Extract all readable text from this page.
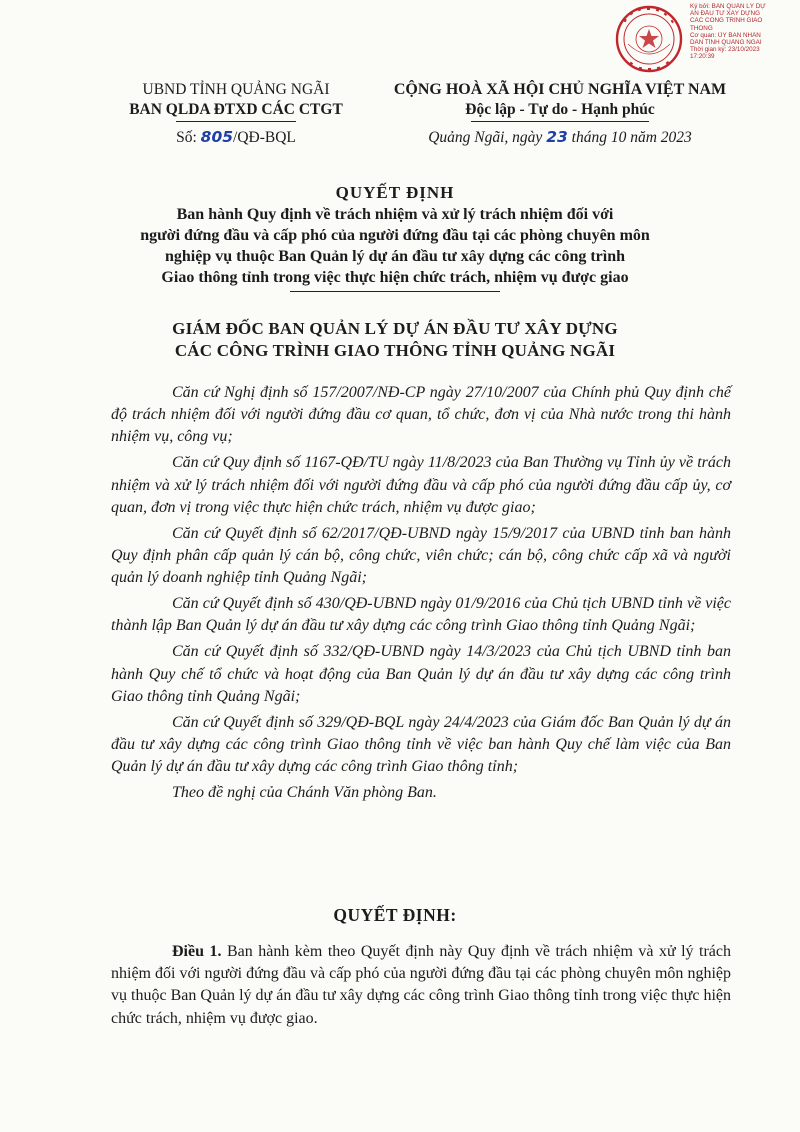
Ký bởi: BAN QUẢN LÝ DỰ
ÁN ĐẦU TƯ XÂY DỰNG
CÁC CÔNG TRÌNH GIAO
THÔNG
Cơ quan: ỦY BAN NHÂN
DÂN TỈNH QUẢNG NGÃI
Thời gian ký: 23/10/2023
17:20:39
UBND TỈNH QUẢNG NGÃI
BAN QLDA ĐTXD CÁC CTGT
Số: 805/QĐ-BQL
CỘNG HOÀ XÃ HỘI CHỦ NGHĨA VIỆT NAM
Độc lập - Tự do - Hạnh phúc
Quảng Ngãi, ngày 23 tháng 10 năm 2023
QUYẾT ĐỊNH
Ban hành Quy định về trách nhiệm và xử lý trách nhiệm đối với
người đứng đầu và cấp phó của người đứng đầu tại các phòng chuyên môn
nghiệp vụ thuộc Ban Quản lý dự án đầu tư xây dựng các công trình
Giao thông tỉnh trong việc thực hiện chức trách, nhiệm vụ được giao
GIÁM ĐỐC BAN QUẢN LÝ DỰ ÁN ĐẦU TƯ XÂY DỰNG
CÁC CÔNG TRÌNH GIAO THÔNG TỈNH QUẢNG NGÃI

Căn cứ Nghị định số 157/2007/NĐ-CP ngày 27/10/2007 của Chính phủ Quy định chế độ trách nhiệm đối với người đứng đầu cơ quan, tổ chức, đơn vị của Nhà nước trong thi hành nhiệm vụ, công vụ;

Căn cứ Quy định số 1167-QĐ/TU ngày 11/8/2023 của Ban Thường vụ Tỉnh ủy về trách nhiệm và xử lý trách nhiệm đối với người đứng đầu và cấp phó của người đứng đầu cấp ủy, cơ quan, đơn vị trong việc thực hiện chức trách, nhiệm vụ được giao;

Căn cứ Quyết định số 62/2017/QĐ-UBND ngày 15/9/2017 của UBND tỉnh ban hành Quy định phân cấp quản lý cán bộ, công chức, viên chức; cán bộ, công chức cấp xã và người quản lý doanh nghiệp tỉnh Quảng Ngãi;

Căn cứ Quyết định số 430/QĐ-UBND ngày 01/9/2016 của Chủ tịch UBND tỉnh về việc thành lập Ban Quản lý dự án đầu tư xây dựng các công trình Giao thông tỉnh Quảng Ngãi;

Căn cứ Quyết định số 332/QĐ-UBND ngày 14/3/2023 của Chủ tịch UBND tỉnh ban hành Quy chế tổ chức và hoạt động của Ban Quản lý dự án đầu tư xây dựng các công trình Giao thông tỉnh Quảng Ngãi;

Căn cứ Quyết định số 329/QĐ-BQL ngày 24/4/2023 của Giám đốc Ban Quản lý dự án đầu tư xây dựng các công trình Giao thông tỉnh về việc ban hành Quy chế làm việc của Ban Quản lý dự án đầu tư xây dựng các công trình Giao thông tỉnh;

Theo đề nghị của Chánh Văn phòng Ban.

QUYẾT ĐỊNH:

Điều 1. Ban hành kèm theo Quyết định này Quy định về trách nhiệm và xử lý trách nhiệm đối với người đứng đầu và cấp phó của người đứng đầu tại các phòng chuyên môn nghiệp vụ thuộc Ban Quản lý dự án đầu tư xây dựng các công trình Giao thông tỉnh trong việc thực hiện chức trách, nhiệm vụ được giao.
